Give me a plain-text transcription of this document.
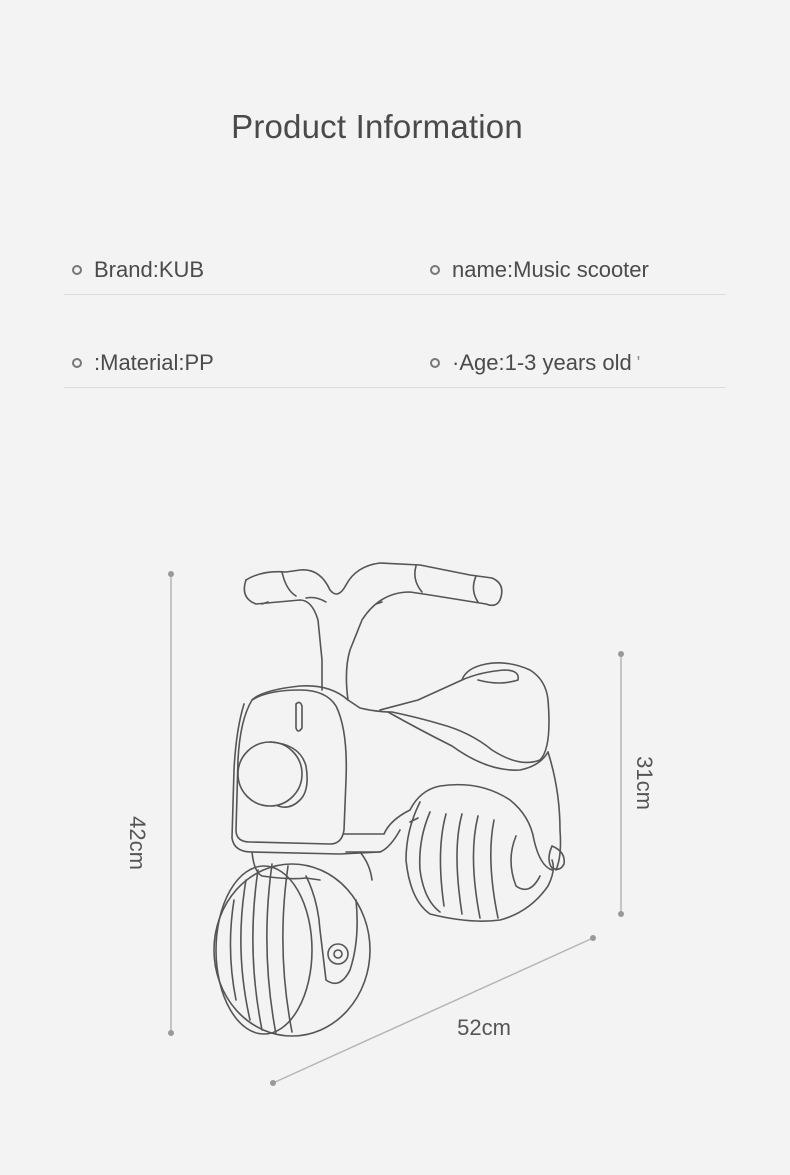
Product Information
Brand:KUB	name:Music scooter
:Material:PP	·Age:1-3 years old '
42cm
31cm
52cm
